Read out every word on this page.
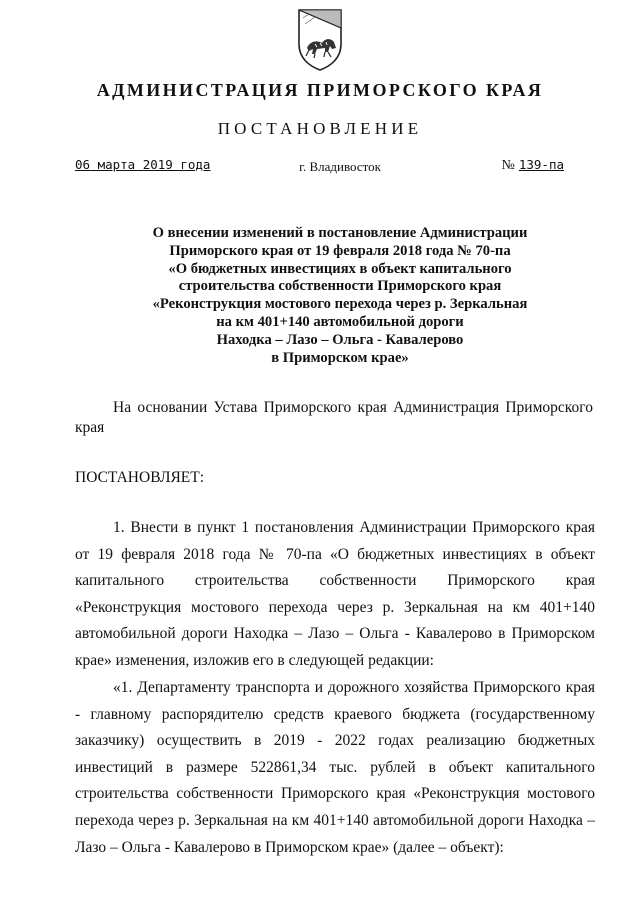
АДМИНИСТРАЦИЯ ПРИМОРСКОГО КРАЯ
ПОСТАНОВЛЕНИЕ
06 марта 2019 года	г. Владивосток	№ 139-па
О внесении изменений в постановление Администрации
Приморского края от 19 февраля 2018 года № 70-па
«О бюджетных инвестициях в объект капитального
строительства собственности Приморского края
«Реконструкция мостового перехода через р. Зеркальная
на км 401+140 автомобильной дороги
Находка – Лазо – Ольга - Кавалерово
в Приморском крае»
На основании Устава Приморского края Администрация Приморского края
ПОСТАНОВЛЯЕТ:

1. Внести в пункт 1 постановления Администрации Приморского края от 19 февраля 2018 года № 70-па «О бюджетных инвестициях в объект капитального строительства собственности Приморского края «Реконструкция мостового перехода через р. Зеркальная на км 401+140 автомобильной дороги Находка – Лазо – Ольга - Кавалерово в Приморском крае» изменения, изложив его в следующей редакции:

«1. Департаменту транспорта и дорожного хозяйства Приморского края - главному распорядителю средств краевого бюджета (государственному заказчику) осуществить в 2019 - 2022 годах реализацию бюджетных инвестиций в размере 522861,34 тыс. рублей в объект капитального строительства собственности Приморского края «Реконструкция мостового перехода через р. Зеркальная на км 401+140 автомобильной дороги Находка – Лазо – Ольга - Кавалерово в Приморском крае» (далее – объект):
